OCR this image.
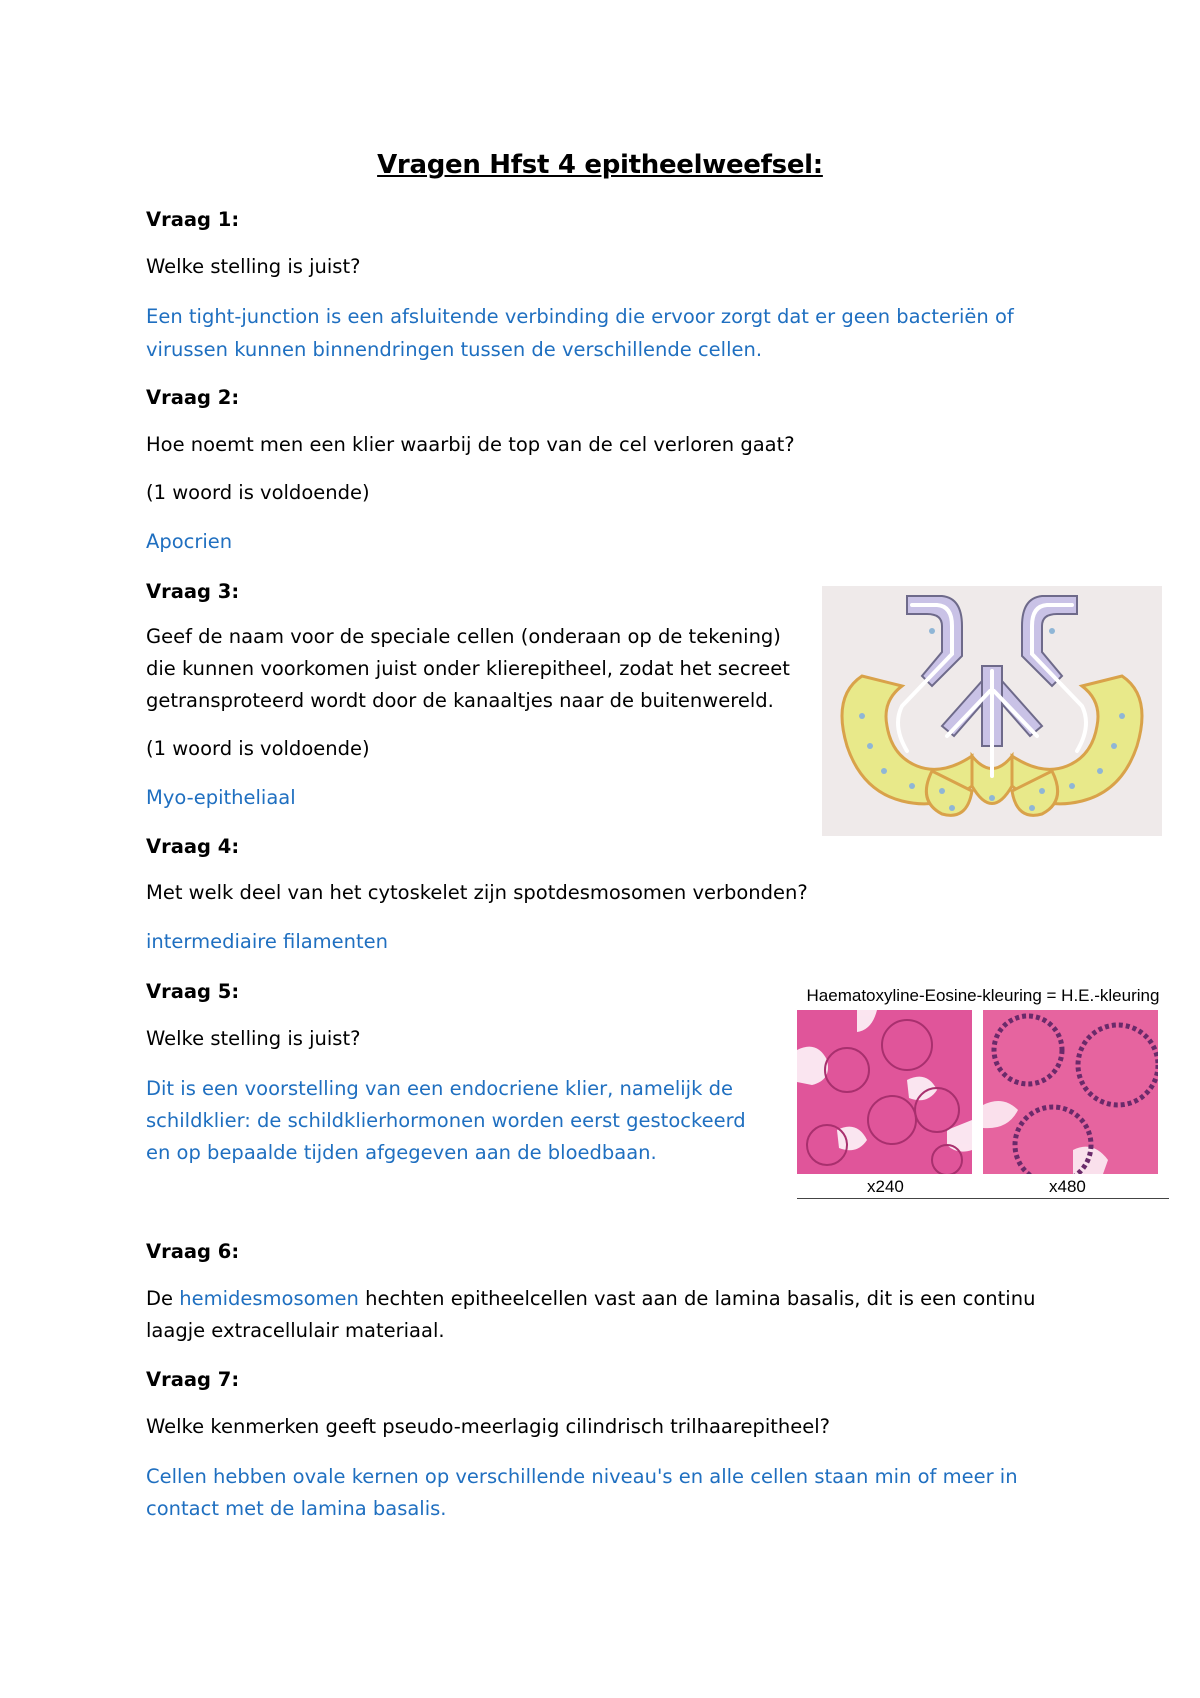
Vragen Hfst 4 epitheelweefsel:
Vraag 1:
Welke stelling is juist?
Een tight-junction is een afsluitende verbinding die ervoor zorgt dat er geen bacteriën of
virussen kunnen binnendringen tussen de verschillende cellen.
Vraag 2:
Hoe noemt men een klier waarbij de top van de cel verloren gaat?
(1 woord is voldoende)
Apocrien
Vraag 3:
Geef de naam voor de speciale cellen (onderaan op de tekening)
die kunnen voorkomen juist onder klierepitheel, zodat het secreet
getransproteerd wordt door de kanaaltjes naar de buitenwereld.
(1 woord is voldoende)
Myo-epitheliaal
Vraag 4:
Met welk deel van het cytoskelet zijn spotdesmosomen verbonden?
intermediaire filamenten
Vraag 5:
Welke stelling is juist?
Dit is een voorstelling van een endocriene klier, namelijk de
schildklier: de schildklierhormonen worden eerst gestockeerd
en op bepaalde tijden afgegeven aan de bloedbaan.
Haematoxyline-Eosine-kleuring = H.E.-kleuring
x240	x480
Vraag 6:
De hemidesmosomen hechten epitheelcellen vast aan de lamina basalis, dit is een continu
laagje extracellulair materiaal.
Vraag 7:
Welke kenmerken geeft pseudo-meerlagig cilindrisch trilhaarepitheel?
Cellen hebben ovale kernen op verschillende niveau's en alle cellen staan min of meer in
contact met de lamina basalis.
